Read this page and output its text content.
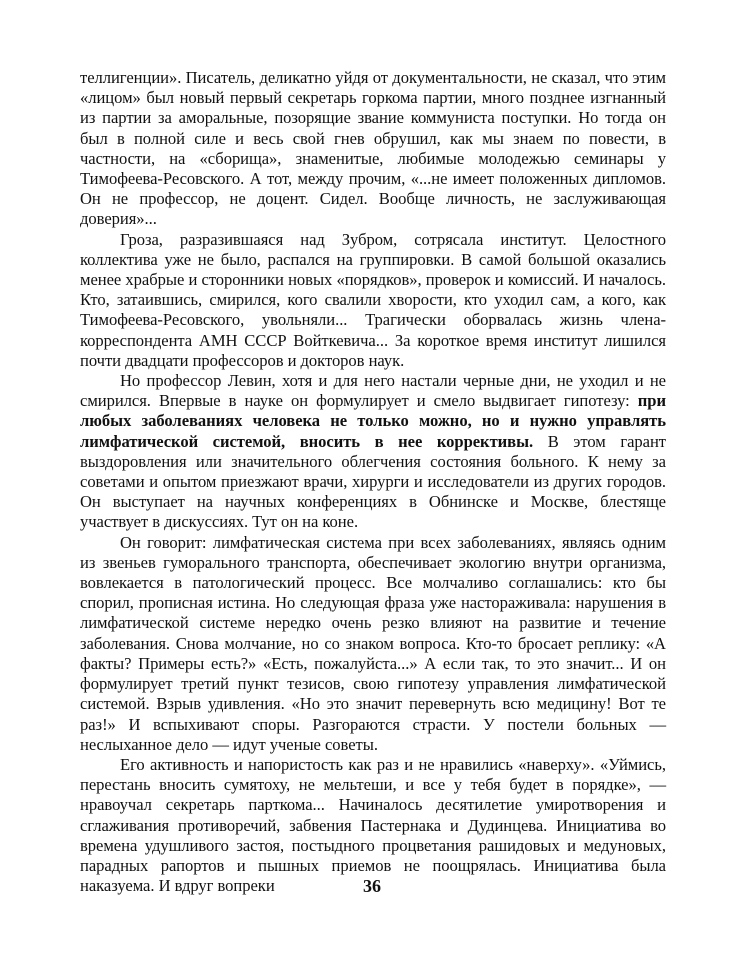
теллигенции». Писатель, деликатно уйдя от документальности, не сказал, что этим «лицом» был новый первый секретарь горкома партии, много позднее изгнанный из партии за аморальные, позорящие звание коммуниста поступки. Но тогда он был в полной силе и весь свой гнев обрушил, как мы знаем по повести, в частности, на «сборища», знаменитые, любимые молодежью семинары у Тимофеева-Ресовского. А тот, между прочим, «...не имеет положенных дипломов. Он не профессор, не доцент. Сидел. Вообще личность, не заслуживающая доверия»...

Гроза, разразившаяся над Зубром, сотрясала институт. Целостного коллектива уже не было, распался на группировки. В самой большой оказались менее храбрые и сторонники новых «порядков», проверок и комиссий. И началось. Кто, затаившись, смирился, кого свалили хворости, кто уходил сам, а кого, как Тимофеева-Ресовского, увольняли... Трагически оборвалась жизнь члена-корреспондента АМН СССР Войткевича... За короткое время институт лишился почти двадцати профессоров и докторов наук.

Но профессор Левин, хотя и для него настали черные дни, не уходил и не смирился. Впервые в науке он формулирует и смело выдвигает гипотезу: при любых заболеваниях человека не только можно, но и нужно управлять лимфатической системой, вносить в нее коррективы. В этом гарант выздоровления или значительного облегчения состояния больного. К нему за советами и опытом приезжают врачи, хирурги и исследователи из других городов. Он выступает на научных конференциях в Обнинске и Москве, блестяще участвует в дискуссиях. Тут он на коне.

Он говорит: лимфатическая система при всех заболеваниях, являясь одним из звеньев гуморального транспорта, обеспечивает экологию внутри организма, вовлекается в патологический процесс. Все молчаливо соглашались: кто бы спорил, прописная истина. Но следующая фраза уже настораживала: нарушения в лимфатической системе нередко очень резко влияют на развитие и течение заболевания. Снова молчание, но со знаком вопроса. Кто-то бросает реплику: «А факты? Примеры есть?» «Есть, пожалуйста...» А если так, то это значит... И он формулирует третий пункт тезисов, свою гипотезу управления лимфатической системой. Взрыв удивления. «Но это значит перевернуть всю медицину! Вот те раз!» И вспыхивают споры. Разгораются страсти. У постели больных — неслыханное дело — идут ученые советы.

Его активность и напористость как раз и не нравились «наверху». «Уймись, перестань вносить сумятоху, не мельтеши, и все у тебя будет в порядке», — нравоучал секретарь парткома... Начиналось десятилетие умиротворения и сглаживания противоречий, забвения Пастернака и Дудинцева. Инициатива во времена удушливого застоя, постыдного процветания рашидовых и медуновых, парадных рапортов и пышных приемов не поощрялась. Инициатива была наказуема. И вдруг вопреки	36
